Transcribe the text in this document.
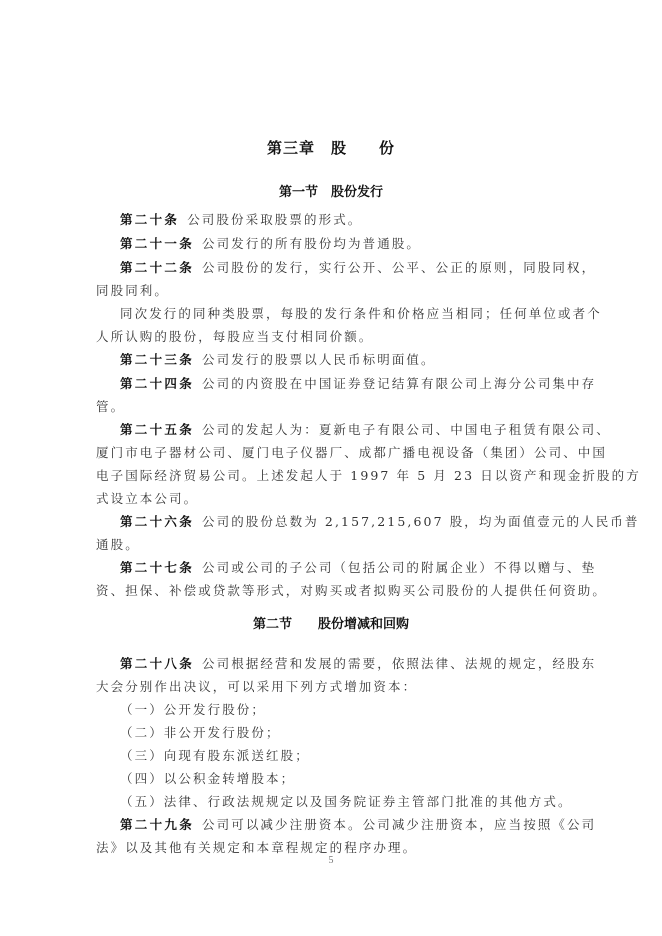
第三章　股　　份
第一节　股份发行
第二十条 公司股份采取股票的形式。
第二十一条 公司发行的所有股份均为普通股。
第二十二条 公司股份的发行，实行公开、公平、公正的原则，同股同权，
同股同利。
同次发行的同种类股票，每股的发行条件和价格应当相同；任何单位或者个
人所认购的股份，每股应当支付相同价额。
第二十三条 公司发行的股票以人民币标明面值。
第二十四条 公司的内资股在中国证券登记结算有限公司上海分公司集中存
管。
第二十五条 公司的发起人为：夏新电子有限公司、中国电子租赁有限公司、
厦门市电子器材公司、厦门电子仪器厂、成都广播电视设备（集团）公司、中国
电子国际经济贸易公司。上述发起人于 1997 年 5 月 23 日以资产和现金折股的方
式设立本公司。
第二十六条 公司的股份总数为 2,157,215,607 股，均为面值壹元的人民币普
通股。
第二十七条 公司或公司的子公司（包括公司的附属企业）不得以赠与、垫
资、担保、补偿或贷款等形式，对购买或者拟购买公司股份的人提供任何资助。
第二节　　股份增减和回购
第二十八条 公司根据经营和发展的需要，依照法律、法规的规定，经股东
大会分别作出决议，可以采用下列方式增加资本：
（一）公开发行股份；
（二）非公开发行股份；
（三）向现有股东派送红股；
（四）以公积金转增股本；
（五）法律、行政法规规定以及国务院证券主管部门批准的其他方式。
第二十九条 公司可以减少注册资本。公司减少注册资本，应当按照《公司
法》以及其他有关规定和本章程规定的程序办理。
5
